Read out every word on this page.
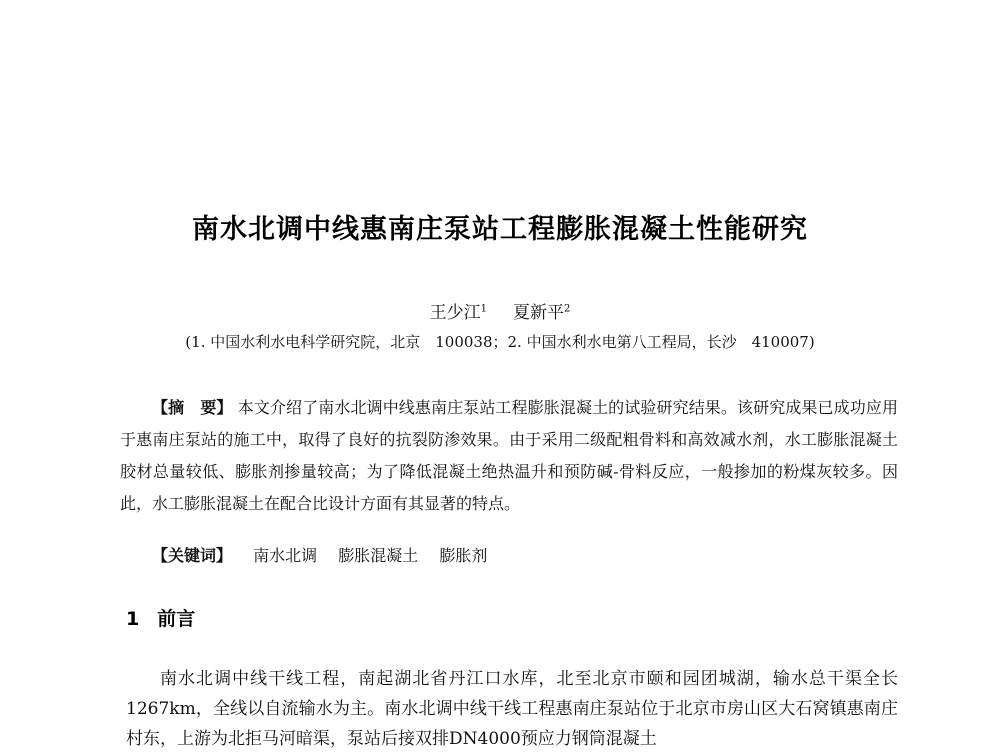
南水北调中线惠南庄泵站工程膨胀混凝土性能研究
王少江$^1$ 夏新平$^2$
(1. 中国水利水电科学研究院，北京　100038；2. 中国水利水电第八工程局，长沙　410007)
【摘　要】 本文介绍了南水北调中线惠南庄泵站工程膨胀混凝土的试验研究结果。该研究成果已成功应用于惠南庄泵站的施工中，取得了良好的抗裂防渗效果。由于采用二级配粗骨料和高效减水剂，水工膨胀混凝土胶材总量较低、膨胀剂掺量较高；为了降低混凝土绝热温升和预防碱-骨料反应，一般掺加的粉煤灰较多。因此，水工膨胀混凝土在配合比设计方面有其显著的特点。
【关键词】 南水北调 膨胀混凝土 膨胀剂
1 前言
南水北调中线干线工程，南起湖北省丹江口水库，北至北京市颐和园团城湖，输水总干渠全长1267km，全线以自流输水为主。南水北调中线干线工程惠南庄泵站位于北京市房山区大石窝镇惠南庄村东，上游为北拒马河暗渠，泵站后接双排DN4000预应力钢筒混凝土
